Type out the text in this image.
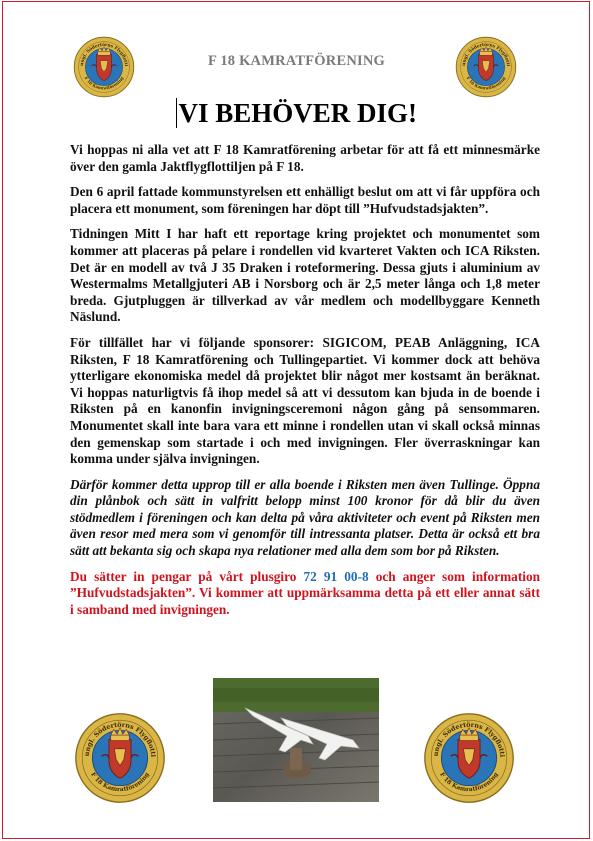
F 18 KAMRATFÖRENING
VI BEHÖVER DIG!

Vi hoppas ni alla vet att F 18 Kamratförening arbetar för att få ett minnesmärke över den gamla Jaktflygflottiljen på F 18.

Den 6 april fattade kommunstyrelsen ett enhälligt beslut om att vi får uppföra och placera ett monument, som föreningen har döpt till ”Hufvudstadsjakten”.

Tidningen Mitt I har haft ett reportage kring projektet och monumentet som kommer att placeras på pelare i rondellen vid kvarteret Vakten och ICA Riksten. Det är en modell av två J 35 Draken i roteformering. Dessa gjuts i aluminium av Westermalms Metallgjuteri AB i Norsborg och är 2,5 meter långa och 1,8 meter breda. Gjutpluggen är tillverkad av vår medlem och modellbyggare Kenneth Näslund.

För tillfället har vi följande sponsorer: SIGICOM, PEAB Anläggning, ICA Riksten, F 18 Kamratförening och Tullingepartiet. Vi kommer dock att behöva ytterligare ekonomiska medel då projektet blir något mer kostsamt än beräknat. Vi hoppas naturligtvis få ihop medel så att vi dessutom kan bjuda in de boende i Riksten på en kanonfin invigningsceremoni någon gång på sensommaren. Monumentet skall inte bara vara ett minne i rondellen utan vi skall också minnas den gemenskap som startade i och med invigningen. Fler överraskningar kan komma under själva invigningen.

Därför kommer detta upprop till er alla boende i Riksten men även Tullinge. Öppna din plånbok och sätt in valfritt belopp minst 100 kronor för då blir du även stödmedlem i föreningen och kan delta på våra aktiviteter och event på Riksten men även resor med mera som vi genomför till intressanta platser. Detta är också ett bra sätt att bekanta sig och skapa nya relationer med alla dem som bor på Riksten.

Du sätter in pengar på vårt plusgiro 72 91 00-8 och anger som information ”Hufvudstadsjakten”. Vi kommer att uppmärksamma detta på ett eller annat sätt i samband med invigningen.
